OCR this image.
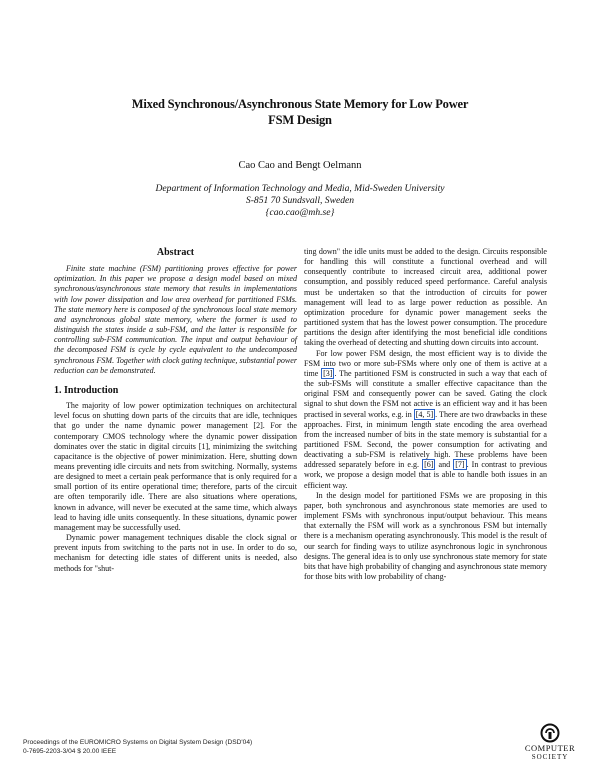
Mixed Synchronous/Asynchronous State Memory for Low Power
FSM Design
Cao Cao and Bengt Oelmann
Department of Information Technology and Media, Mid-Sweden University
S-851 70 Sundsvall, Sweden
{cao.cao@mh.se}
Abstract

Finite state machine (FSM) partitioning proves effective for power optimization. In this paper we propose a design model based on mixed synchronous/asynchronous state memory that results in implementations with low power dissipation and low area overhead for partitioned FSMs. The state memory here is composed of the synchronous local state memory and asynchronous global state memory, where the former is used to distinguish the states inside a sub-FSM, and the latter is responsible for controlling sub-FSM communication. The input and output behaviour of the decomposed FSM is cycle by cycle equivalent to the undecomposed synchronous FSM. Together with clock gating technique, substantial power reduction can be demonstrated.

1. Introduction

The majority of low power optimization techniques on architectural level focus on shutting down parts of the circuits that are idle, techniques that go under the name dynamic power management [2]. For the contemporary CMOS technology where the dynamic power dissipation dominates over the static in digital circuits [1], minimizing the switching capacitance is the objective of power minimization. Here, shutting down means preventing idle circuits and nets from switching. Normally, systems are designed to meet a certain peak performance that is only required for a small portion of its entire operational time; therefore, parts of the circuit are often temporarily idle. There are also situations where operations, known in advance, will never be executed at the same time, which always lead to having idle units consequently. In these situations, dynamic power management may be successfully used.

Dynamic power management techniques disable the clock signal or prevent inputs from switching to the parts not in use. In order to do so, mechanism for detecting idle states of different units is needed, also methods for "shut-

ting down" the idle units must be added to the design. Circuits responsible for handling this will constitute a functional overhead and will consequently contribute to increased circuit area, additional power consumption, and possibly reduced speed performance. Careful analysis must be undertaken so that the introduction of circuits for power management will lead to as large power reduction as possible. An optimization procedure for dynamic power management seeks the partitioned system that has the lowest power consumption. The procedure partitions the design after identifying the most beneficial idle conditions taking the overhead of detecting and shutting down circuits into account.

For low power FSM design, the most efficient way is to divide the FSM into two or more sub-FSMs where only one of them is active at a time [3] . The partitioned FSM is constructed in such a way that each of the sub-FSMs will constitute a smaller effective capacitance than the original FSM and consequently power can be saved. Gating the clock signal to shut down the FSM not active is an efficient way and it has been practised in several works, e.g. in [4, 5] . There are two drawbacks in these approaches. First, in minimum length state encoding the area overhead from the increased number of bits in the state memory is substantial for a partitioned FSM. Second, the power consumption for activating and deactivating a sub-FSM is relatively high. These problems have been addressed separately before in e.g. [6] and [7] . In contrast to previous work, we propose a design model that is able to handle both issues in an efficient way.

In the design model for partitioned FSMs we are proposing in this paper, both synchronous and asynchronous state memories are used to implement FSMs with synchronous input/output behaviour. This means that externally the FSM will work as a synchronous FSM but internally there is a mechanism operating asynchronously. This model is the result of our search for finding ways to utilize asynchronous logic in synchronous designs. The general idea is to only use synchronous state memory for state bits that have high probability of changing and asynchronous state memory for those bits with low probability of chang-

Proceedings of the EUROMICRO Systems on Digital System Design (DSD'04)
0-7695-2203-3/04 $ 20.00 IEEE	COMPUTER
SOCIETY
